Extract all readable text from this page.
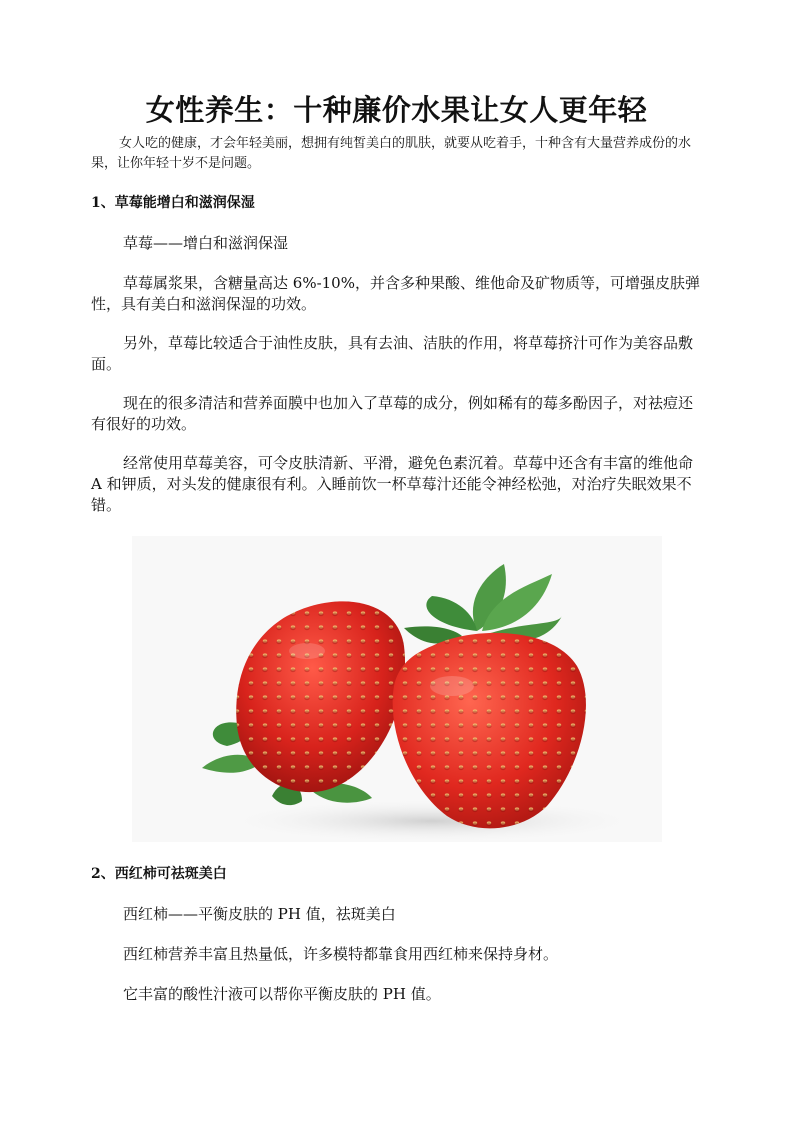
女性养生：十种廉价水果让女人更年轻

女人吃的健康，才会年轻美丽，想拥有纯皙美白的肌肤，就要从吃着手，十种含有大量营养成份的水果，让你年轻十岁不是问题。

1、草莓能增白和滋润保湿

草莓——增白和滋润保湿

草莓属浆果，含糖量高达 6%-10%，并含多种果酸、维他命及矿物质等，可增强皮肤弹性，具有美白和滋润保湿的功效。

另外，草莓比较适合于油性皮肤，具有去油、洁肤的作用，将草莓挤汁可作为美容品敷面。

现在的很多清洁和营养面膜中也加入了草莓的成分，例如稀有的莓多酚因子，对祛痘还有很好的功效。

经常使用草莓美容，可令皮肤清新、平滑，避免色素沉着。草莓中还含有丰富的维他命 A 和钾质，对头发的健康很有利。入睡前饮一杯草莓汁还能令神经松弛，对治疗失眠效果不错。

2、西红柿可祛斑美白

西红柿——平衡皮肤的 PH 值，祛斑美白

西红柿营养丰富且热量低，许多模特都靠食用西红柿来保持身材。

它丰富的酸性汁液可以帮你平衡皮肤的 PH 值。
